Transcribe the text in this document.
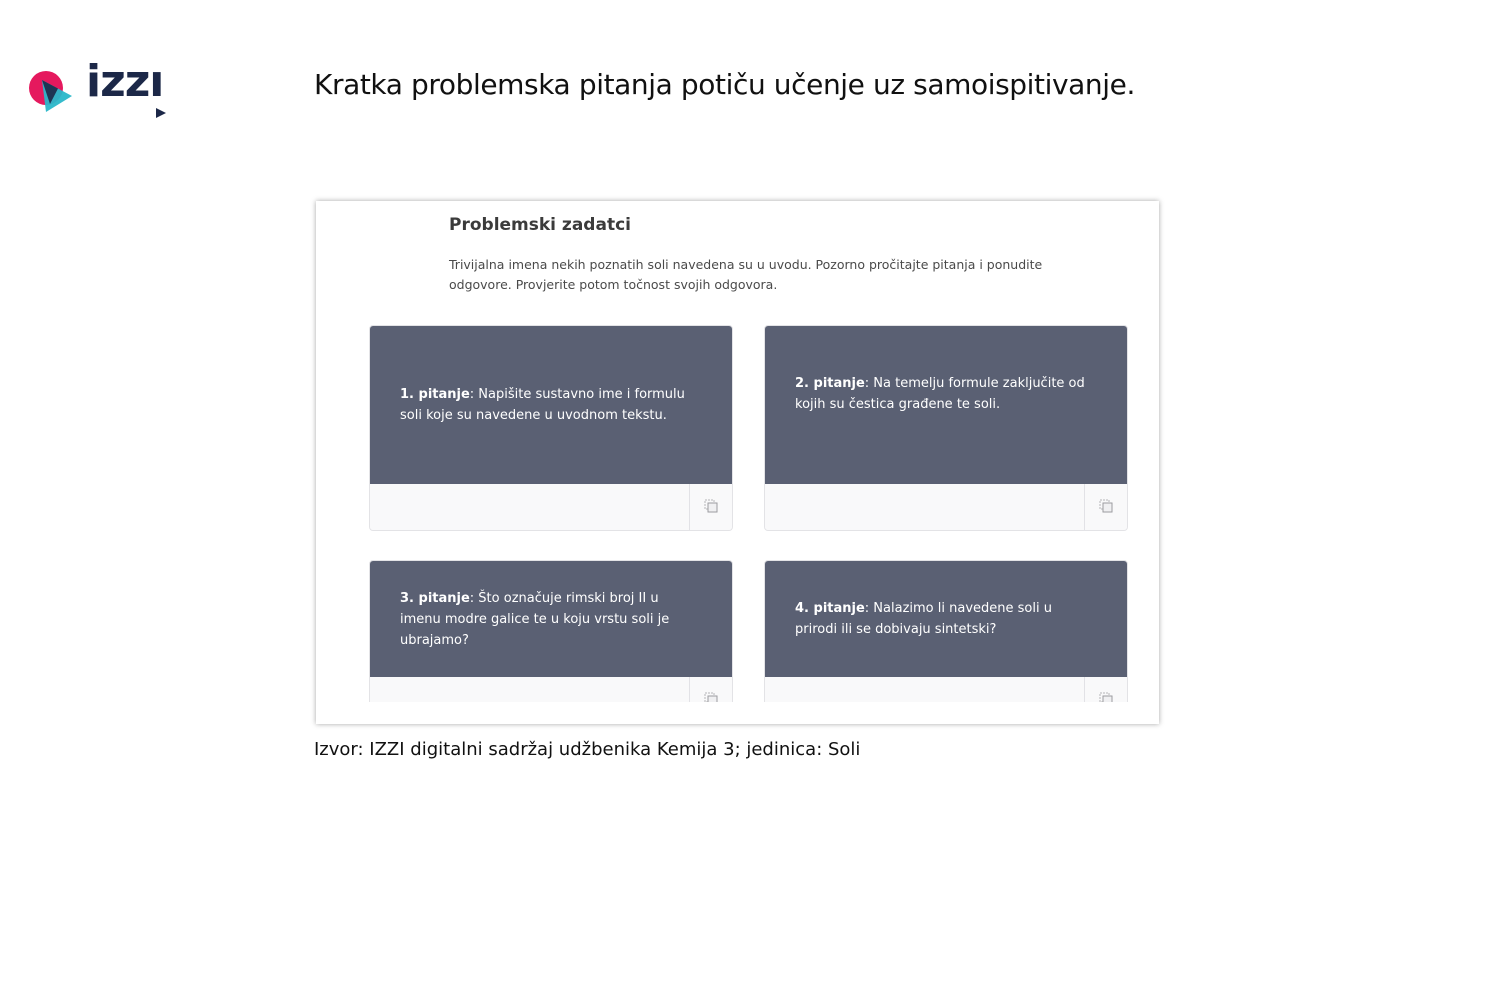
izzı	Kratka problemska pitanja potiču učenje uz samoispitivanje.
Problemski zadatci

Trivijalna imena nekih poznatih soli navedena su u uvodu. Pozorno pročitajte pitanja i ponudite odgovore. Provjerite potom točnost svojih odgovora.

1. pitanje: Napišite sustavno ime i formulu soli koje su navedene u uvodnom tekstu.

2. pitanje: Na temelju formule zaključite od kojih su čestica građene te soli.

3. pitanje: Što označuje rimski broj II u imenu modre galice te u koju vrstu soli je ubrajamo?

4. pitanje: Nalazimo li navedene soli u prirodi ili se dobivaju sintetski?

Izvor: IZZI digitalni sadržaj udžbenika Kemija 3; jedinica: Soli
